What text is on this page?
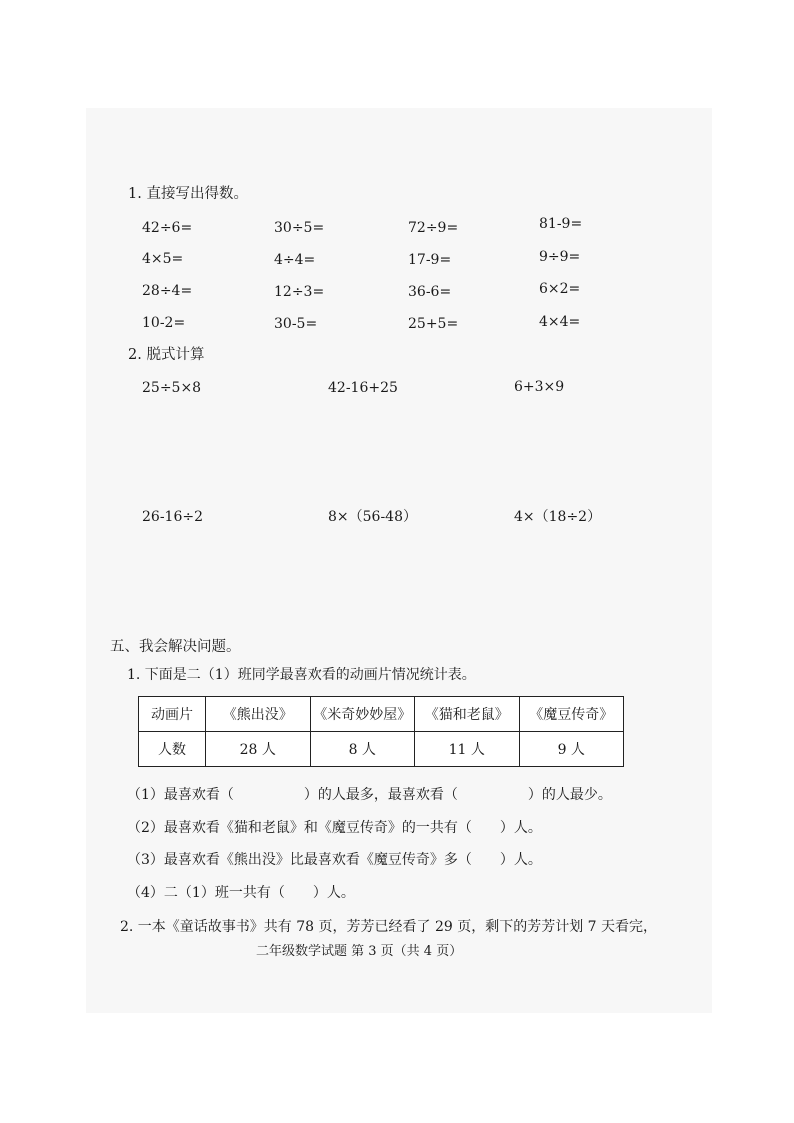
1. 直接写出得数。
42÷6=	30÷5=	72÷9=	81-9=
4×5=	4÷4=	17-9=	9÷9=
28÷4=	12÷3=	36-6=	6×2=
10-2=	30-5=	25+5=	4×4=
2. 脱式计算
25÷5×8	42-16+25	6+3×9
26-16÷2	8×（56-48）	4×（18÷2）
五、我会解决问题。
1. 下面是二（1）班同学最喜欢看的动画片情况统计表。
动画片	《熊出没》	《米奇妙妙屋》	《猫和老鼠》	《魔豆传奇》
人数	28 人	8 人	11 人	9 人
（1）最喜欢看（　　　　　）的人最多，最喜欢看（　　　　　）的人最少。
（2）最喜欢看《猫和老鼠》和《魔豆传奇》的一共有（　　）人。
（3）最喜欢看《熊出没》比最喜欢看《魔豆传奇》多（　　）人。
（4）二（1）班一共有（　　）人。
2. 一本《童话故事书》共有 78 页，芳芳已经看了 29 页，剩下的芳芳计划 7 天看完，
二年级数学试题 第 3 页（共 4 页）
